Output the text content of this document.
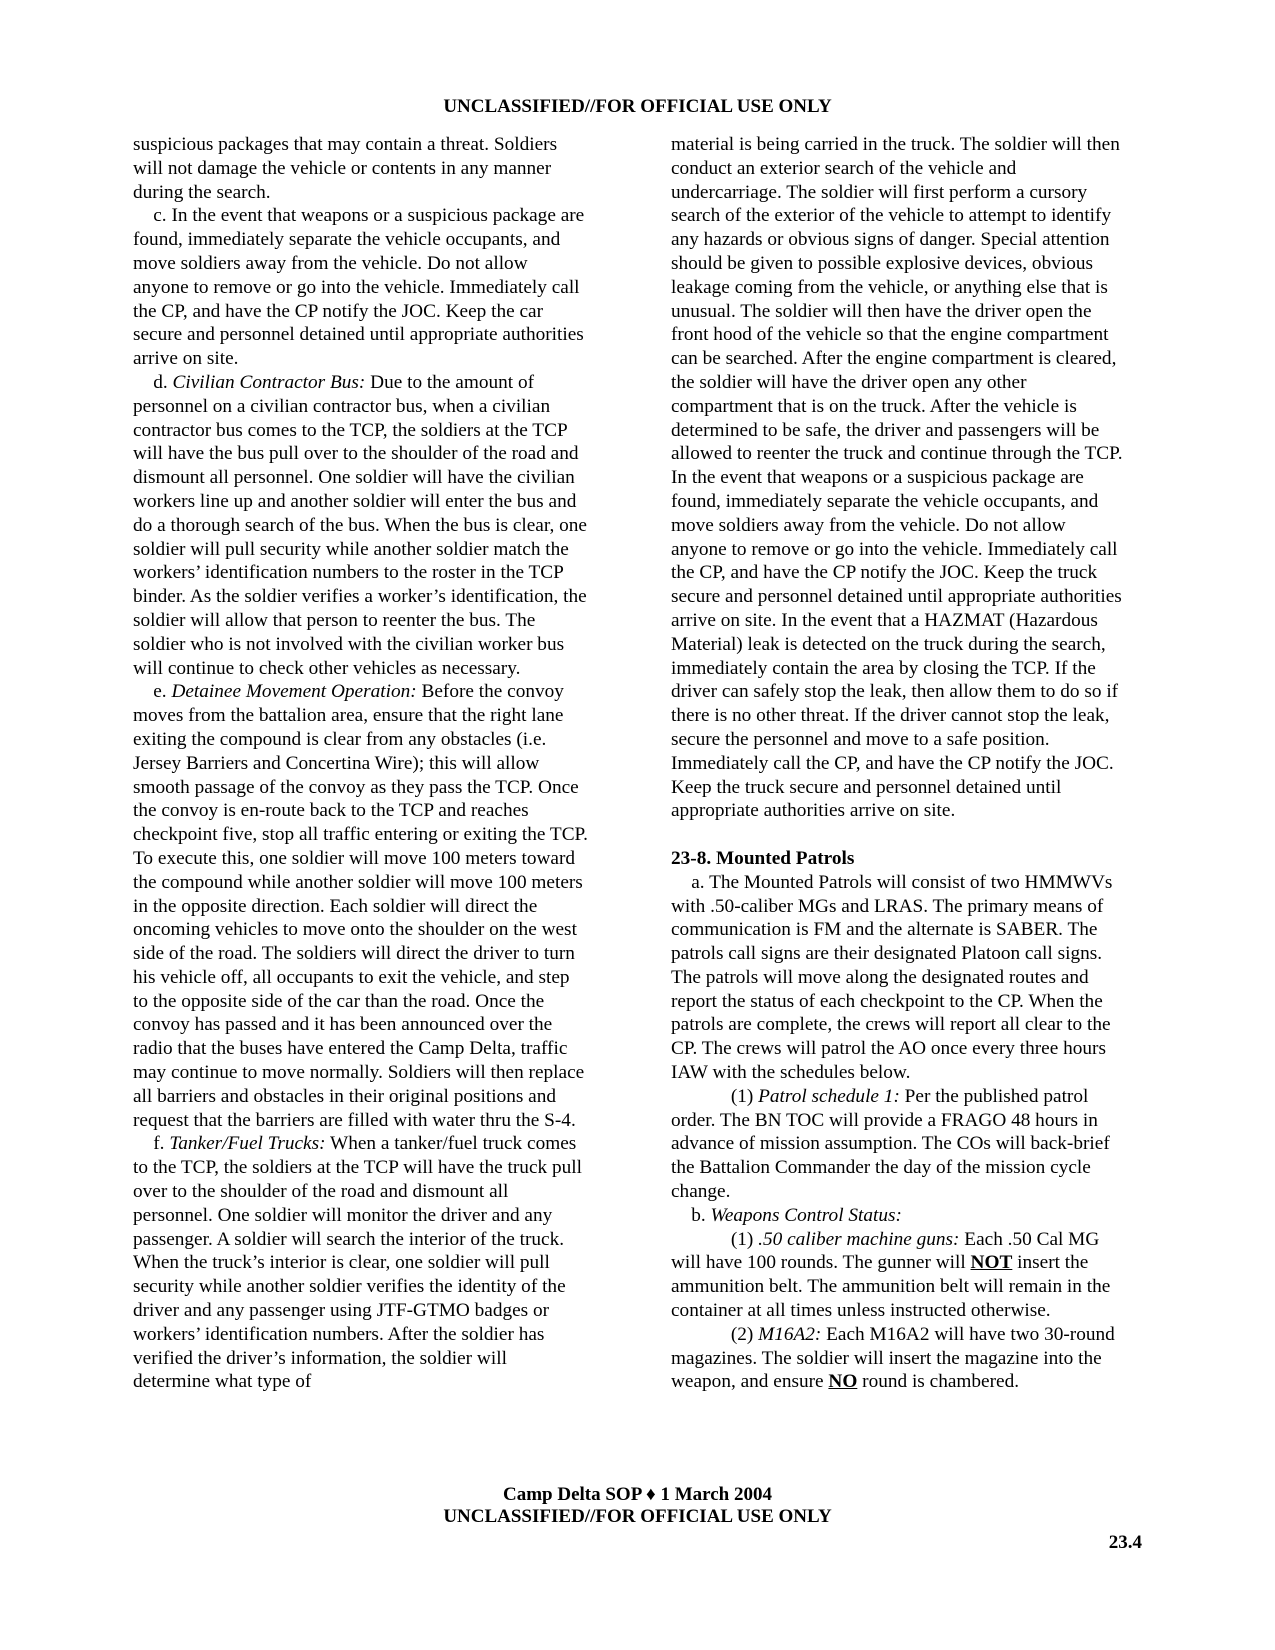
UNCLASSIFIED//FOR OFFICIAL USE ONLY

suspicious packages that may contain a threat. Soldiers will not damage the vehicle or contents in any manner during the search.

c. In the event that weapons or a suspicious package are found, immediately separate the vehicle occupants, and move soldiers away from the vehicle. Do not allow anyone to remove or go into the vehicle. Immediately call the CP, and have the CP notify the JOC. Keep the car secure and personnel detained until appropriate authorities arrive on site.

d. Civilian Contractor Bus: Due to the amount of personnel on a civilian contractor bus, when a civilian contractor bus comes to the TCP, the soldiers at the TCP will have the bus pull over to the shoulder of the road and dismount all personnel. One soldier will have the civilian workers line up and another soldier will enter the bus and do a thorough search of the bus. When the bus is clear, one soldier will pull security while another soldier match the workers’ identification numbers to the roster in the TCP binder. As the soldier verifies a worker’s identification, the soldier will allow that person to reenter the bus. The soldier who is not involved with the civilian worker bus will continue to check other vehicles as necessary.

e. Detainee Movement Operation: Before the convoy moves from the battalion area, ensure that the right lane exiting the compound is clear from any obstacles (i.e. Jersey Barriers and Concertina Wire); this will allow smooth passage of the convoy as they pass the TCP. Once the convoy is en-route back to the TCP and reaches checkpoint five, stop all traffic entering or exiting the TCP. To execute this, one soldier will move 100 meters toward the compound while another soldier will move 100 meters in the opposite direction. Each soldier will direct the oncoming vehicles to move onto the shoulder on the west side of the road. The soldiers will direct the driver to turn his vehicle off, all occupants to exit the vehicle, and step to the opposite side of the car than the road. Once the convoy has passed and it has been announced over the radio that the buses have entered the Camp Delta, traffic may continue to move normally. Soldiers will then replace all barriers and obstacles in their original positions and request that the barriers are filled with water thru the S-4.

f. Tanker/Fuel Trucks: When a tanker/fuel truck comes to the TCP, the soldiers at the TCP will have the truck pull over to the shoulder of the road and dismount all personnel. One soldier will monitor the driver and any passenger. A soldier will search the interior of the truck. When the truck’s interior is clear, one soldier will pull security while another soldier verifies the identity of the driver and any passenger using JTF-GTMO badges or workers’ identification numbers. After the soldier has verified the driver’s information, the soldier will determine what type of

material is being carried in the truck. The soldier will then conduct an exterior search of the vehicle and undercarriage. The soldier will first perform a cursory search of the exterior of the vehicle to attempt to identify any hazards or obvious signs of danger. Special attention should be given to possible explosive devices, obvious leakage coming from the vehicle, or anything else that is unusual. The soldier will then have the driver open the front hood of the vehicle so that the engine compartment can be searched. After the engine compartment is cleared, the soldier will have the driver open any other compartment that is on the truck. After the vehicle is determined to be safe, the driver and passengers will be allowed to reenter the truck and continue through the TCP. In the event that weapons or a suspicious package are found, immediately separate the vehicle occupants, and move soldiers away from the vehicle. Do not allow anyone to remove or go into the vehicle. Immediately call the CP, and have the CP notify the JOC. Keep the truck secure and personnel detained until appropriate authorities arrive on site. In the event that a HAZMAT (Hazardous Material) leak is detected on the truck during the search, immediately contain the area by closing the TCP. If the driver can safely stop the leak, then allow them to do so if there is no other threat. If the driver cannot stop the leak, secure the personnel and move to a safe position. Immediately call the CP, and have the CP notify the JOC. Keep the truck secure and personnel detained until appropriate authorities arrive on site.

23-8. Mounted Patrols

a. The Mounted Patrols will consist of two HMMWVs with .50-caliber MGs and LRAS. The primary means of communication is FM and the alternate is SABER. The patrols call signs are their designated Platoon call signs. The patrols will move along the designated routes and report the status of each checkpoint to the CP. When the patrols are complete, the crews will report all clear to the CP. The crews will patrol the AO once every three hours IAW with the schedules below.

(1) Patrol schedule 1: Per the published patrol order. The BN TOC will provide a FRAGO 48 hours in advance of mission assumption. The COs will back-brief the Battalion Commander the day of the mission cycle change.

b. Weapons Control Status:

(1) .50 caliber machine guns: Each .50 Cal MG will have 100 rounds. The gunner will NOT insert the ammunition belt. The ammunition belt will remain in the container at all times unless instructed otherwise.

(2) M16A2: Each M16A2 will have two 30-round magazines. The soldier will insert the magazine into the weapon, and ensure NO round is chambered.

Camp Delta SOP ♦ 1 March 2004
UNCLASSIFIED//FOR OFFICIAL USE ONLY
23.4
